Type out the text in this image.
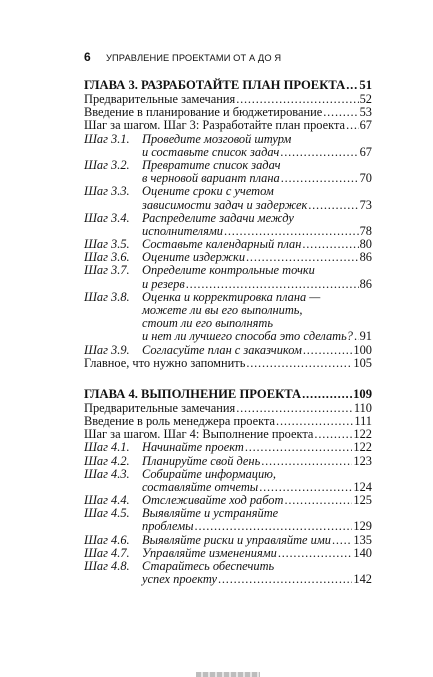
6	УПРАВЛЕНИЕ ПРОЕКТАМИ ОТ А ДО Я
ГЛАВА 3. РАЗРАБОТАЙТЕ ПЛАН ПРОЕКТА ..... 51
Предварительные замечания .....	52
Введение в планирование и бюджетирование .....	53
Шаг за шагом. Шаг 3: Разработайте план проекта ..... 67
Шаг 3.1. Проведите мозговой штурм
и составьте список задач .....	67
Шаг 3.2. Превратите список задач
в черновой вариант плана .....	70
Шаг 3.3. Оцените сроки с учетом
зависимости задач и задержек .....	73
Шаг 3.4. Распределите задачи между
исполнителями .....	78
Шаг 3.5. Составьте календарный план .....	80
Шаг 3.6. Оцените издержки .....	86
Шаг 3.7. Определите контрольные точки
и резерв .....	86
Шаг 3.8. Оценка и корректировка плана —
можете ли вы его выполнить,
стоит ли его выполнять
и нет ли лучшего способа это сделать? ..... 91
Шаг 3.9. Согласуйте план с заказчиком .....	100
Главное, что нужно запомнить .....	105
ГЛАВА 4. ВЫПОЛНЕНИЕ ПРОЕКТА .....	109
Предварительные замечания .....	110
Введение в роль менеджера проекта .....	111
Шаг за шагом. Шаг 4: Выполнение проекта .....	122
Шаг 4.1. Начинайте проект .....	122
Шаг 4.2. Планируйте свой день .....	123
Шаг 4.3. Собирайте информацию,
составляйте отчеты .....	124
Шаг 4.4. Отслеживайте ход работ .....	125
Шаг 4.5. Выявляйте и устраняйте
проблемы .....	129
Шаг 4.6. Выявляйте риски и управляйте ими ..... 135
Шаг 4.7. Управляйте изменениями .....	140
Шаг 4.8. Старайтесь обеспечить
успех проекту .....	142
